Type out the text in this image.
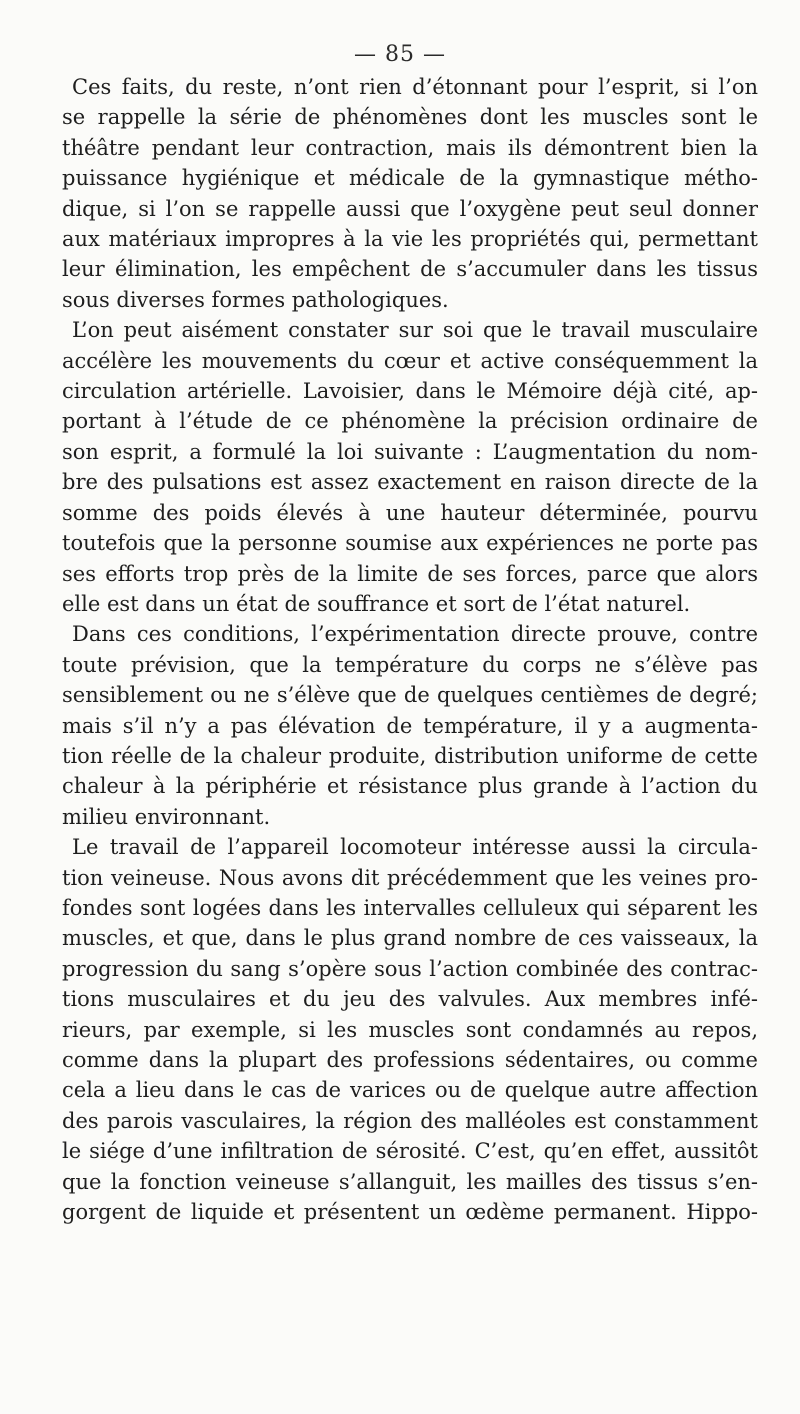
— 85 —

Ces faits, du reste, n’ont rien d’étonnant pour l’esprit, si l’on
se rappelle la série de phénomènes dont les muscles sont le
théâtre pendant leur contraction, mais ils démontrent bien la
puissance hygiénique et médicale de la gymnastique métho-
dique, si l’on se rappelle aussi que l’oxygène peut seul donner
aux matériaux impropres à la vie les propriétés qui, permettant
leur élimination, les empêchent de s’accumuler dans les tissus
sous diverses formes pathologiques.

L’on peut aisément constater sur soi que le travail musculaire
accélère les mouvements du cœur et active conséquemment la
circulation artérielle. Lavoisier, dans le Mémoire déjà cité, ap-
portant à l’étude de ce phénomène la précision ordinaire de
son esprit, a formulé la loi suivante : L’augmentation du nom-
bre des pulsations est assez exactement en raison directe de la
somme des poids élevés à une hauteur déterminée, pourvu
toutefois que la personne soumise aux expériences ne porte pas
ses efforts trop près de la limite de ses forces, parce que alors
elle est dans un état de souffrance et sort de l’état naturel.

Dans ces conditions, l’expérimentation directe prouve, contre
toute prévision, que la température du corps ne s’élève pas
sensiblement ou ne s’élève que de quelques centièmes de degré;
mais s’il n’y a pas élévation de température, il y a augmenta-
tion réelle de la chaleur produite, distribution uniforme de cette
chaleur à la périphérie et résistance plus grande à l’action du
milieu environnant.

Le travail de l’appareil locomoteur intéresse aussi la circula-
tion veineuse. Nous avons dit précédemment que les veines pro-
fondes sont logées dans les intervalles celluleux qui séparent les
muscles, et que, dans le plus grand nombre de ces vaisseaux, la
progression du sang s’opère sous l’action combinée des contrac-
tions musculaires et du jeu des valvules. Aux membres infé-
rieurs, par exemple, si les muscles sont condamnés au repos,
comme dans la plupart des professions sédentaires, ou comme
cela a lieu dans le cas de varices ou de quelque autre affection
des parois vasculaires, la région des malléoles est constamment
le siége d’une infiltration de sérosité. C’est, qu’en effet, aussitôt
que la fonction veineuse s’allanguit, les mailles des tissus s’en-
gorgent de liquide et présentent un œdème permanent. Hippo-
